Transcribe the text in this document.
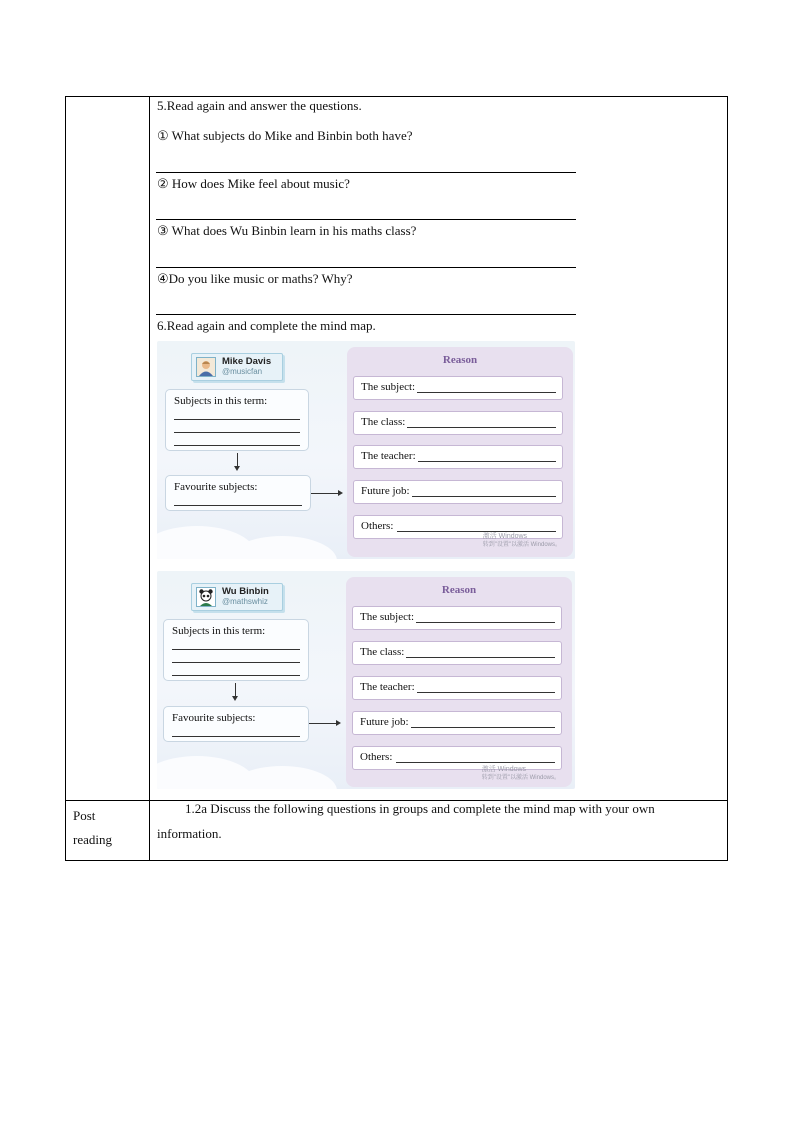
5.Read again and answer the questions.
① What subjects do Mike and Binbin both have?
② How does Mike feel about music?
③ What does Wu Binbin learn in his maths class?
④Do you like music or maths? Why?
6.Read again and complete the mind map.
Mike Davis
@musicfan
Subjects in this term:
Favourite subjects:
Reason
The subject:
The class:
The teacher:
Future job:
Others:
激活 Windows
转到"设置"以激活 Windows。
Wu Binbin
@mathswhiz
Subjects in this term:
Favourite subjects:
Reason
The subject:
The class:
The teacher:
Future job:
Others:
激活 Windows
转到"设置"以激活 Windows。
Post
reading
1.2a Discuss the following questions in groups and complete the mind map with your own
information.
